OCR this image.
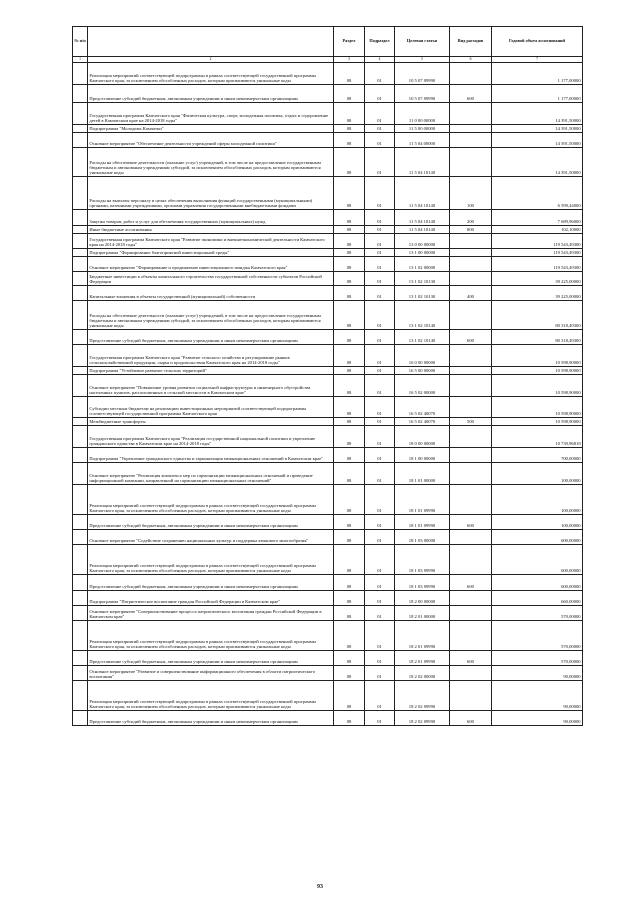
№ п/п		Раздел	Подраздел	Целевая статья	Вид расходов	Годовой объем ассигнований
1	2	3	4	5	6	7
	Реализация мероприятий соответствующей подпрограммы в рамках соответствующей государственной программы Камчатского края, за исключением обособленных расходов, которым присваиваются уникальные коды	08	01	10 5 07 09990		1 177,00000
	Предоставление субсидий бюджетным, автономным учреждениям и иным некоммерческим организациям	08	01	10 5 07 09990	600	1 177,00000
	Государственная программа Камчатского края "Физическая культура, спорт, молодежная политика, отдых и оздоровление детей в Камчатском крае на 2014-2018 годы"	08	01	11 0 00 00000		14 391,50000
	Подпрограмма "Молодежь Камчатки"	08	01	11 5 00 00000		14 391,50000
	Основное мероприятие "Обеспечение деятельности учреждений сферы молодежной политики"	08	01	11 5 04 00000		14 391,50000
	Расходы на обеспечение деятельности (оказание услуг) учреждений, в том числе на предоставление государственным бюджетным и автономным учреждениям субсидий, за исключением обособленных расходов, которым присваиваются уникальные коды	08	01	11 5 04 10140		14 391,50000
	Расходы на выплаты персоналу в целях обеспечения выполнения функций государственными (муниципальными) органами, казенными учреждениями, органами управления государственными внебюджетными фондами	08	01	11 5 04 10140	100	6 599,44000
	Закупка товаров, работ и услуг для обеспечения государственных (муниципальных) нужд	08	01	11 5 04 10140	200	7 689,96000
	Иные бюджетные ассигнования	08	01	11 5 04 10140	800	102,10000
	Государственная программа Камчатского края "Развитие экономики и внешнеэкономической деятельности Камчатского края на 2014-2018 годы"	08	01	13 0 00 00000		119 543,49300
	Подпрограмма "Формирование благоприятной инвестиционной среды"	08	01	13 1 00 00000		119 543,49300
	Основное мероприятие "Формирование и продвижение инвестиционного имиджа Камчатского края"	08	01	13 1 02 00000		119 543,49300
	Бюджетные инвестиции в объекты капитального строительства государственной собственности субъектов Российской Федерации	08	01	13 1 02 10130		39 225,00000
	Капитальные вложения в объекты государственной (муниципальной) собственности	08	01	13 1 02 10130	400	39 225,00000
	Расходы на обеспечение деятельности (оказание услуг) учреждений, в том числе на предоставление государственным бюджетным и автономным учреждениям субсидий, за исключением обособленных расходов, которым присваиваются уникальные коды	08	01	13 1 02 10140		80 318,49300
	Предоставление субсидий бюджетным, автономным учреждениям и иным некоммерческим организациям	08	01	13 1 02 10140	600	80 318,49300
	Государственная программа Камчатского края "Развитие сельского хозяйства и регулирование рынков сельскохозяйственной продукции, сырья и продовольствия Камчатского края на 2014-2018 годы"	08	01	16 0 00 00000		10 598,90000
	Подпрограмма "Устойчивое развитие сельских территорий"	08	01	16 5 00 00000		10 598,90000
	Основное мероприятие "Повышение уровня развития социальной инфраструктуры и инженерного обустройства населенных пунктов, расположенных в сельской местности в Камчатском крае"	08	01	16 5 02 00000		10 598,90000
	Субсидии местным бюджетам на реализацию инвестиционных мероприятий соответствующей подпрограммы соответствующей государственной программы Камчатского края	08	01	16 5 02 40070		10 598,90000
	Межбюджетные трансферты	08	01	16 5 02 40070	500	10 598,90000
	Государственная программа Камчатского края "Реализация государственной национальной политики и укрепление гражданского единства в Камчатском крае на 2014-2018 годы"	08	01	18 0 00 00000		10 739,96818
	Подпрограмма "Укрепление гражданского единства и гармонизация межнациональных отношений в Камчатском крае"	08	01	18 1 00 00000		700,00000
	Основное мероприятие "Реализация комплекса мер по гармонизации межнациональных отношений и проведение информационной кампании, направленной на гармонизацию межнациональных отношений"	08	01	18 1 01 00000		100,00000
	Реализация мероприятий соответствующей подпрограммы в рамках соответствующей государственной программы Камчатского края, за исключением обособленных расходов, которым присваиваются уникальные коды	08	01	18 1 01 09990		100,00000
	Предоставление субсидий бюджетным, автономным учреждениям и иным некоммерческим организациям	08	01	18 1 01 09990	600	100,00000
	Основное мероприятие "Содействие сохранению национальных культур и поддержка языкового многообразия"	08	01	18 1 03 00000		600,00000
	Реализация мероприятий соответствующей подпрограммы в рамках соответствующей государственной программы Камчатского края, за исключением обособленных расходов, которым присваиваются уникальные коды	08	01	18 1 03 09990		600,00000
	Предоставление субсидий бюджетным, автономным учреждениям и иным некоммерческим организациям	08	01	18 1 03 09990	600	600,00000
	Подпрограмма "Патриотическое воспитание граждан Российской Федерации в Камчатском крае"	08	01	18 2 00 00000		660,00000
	Основное мероприятие "Совершенствование процесса патриотического воспитания граждан Российской Федерации в Камчатском крае"	08	01	18 2 01 00000		570,00000
	Реализация мероприятий соответствующей подпрограммы в рамках соответствующей государственной программы Камчатского края, за исключением обособленных расходов, которым присваиваются уникальные коды	08	01	18 2 01 09990		570,00000
	Предоставление субсидий бюджетным, автономным учреждениям и иным некоммерческим организациям	08	01	18 2 01 09990	600	570,00000
	Основное мероприятие "Развитие и совершенствование информационного обеспечения в области патриотического воспитания"	08	01	18 2 02 00000		90,00000
	Реализация мероприятий соответствующей подпрограммы в рамках соответствующей государственной программы Камчатского края, за исключением обособленных расходов, которым присваиваются уникальные коды	08	01	18 2 02 09990		90,00000
	Предоставление субсидий бюджетным, автономным учреждениям и иным некоммерческим организациям	08	01	18 2 02 09990	600	90,00000
93
